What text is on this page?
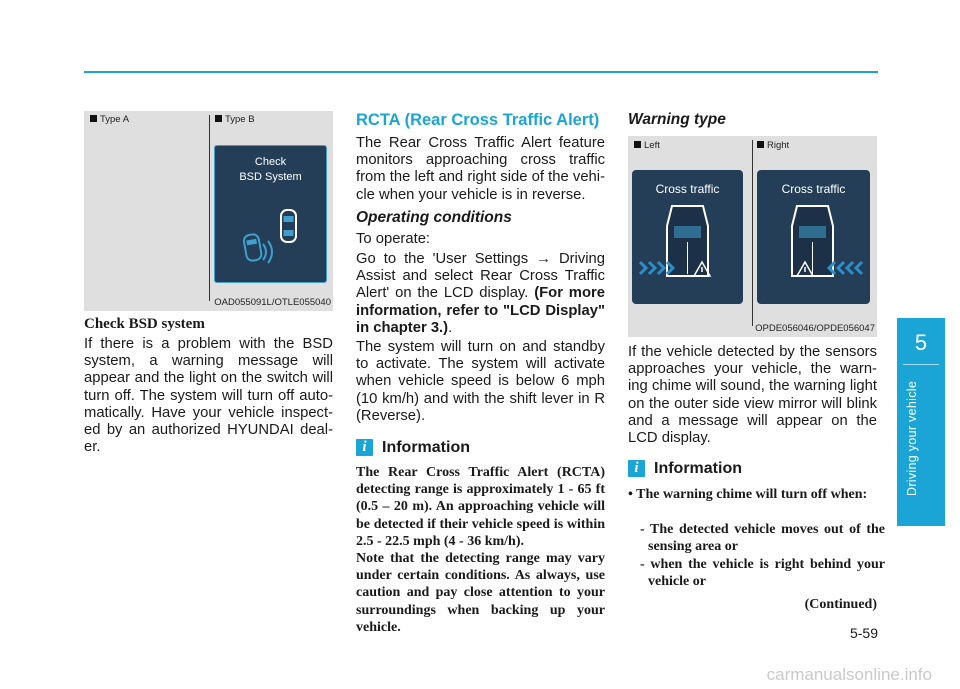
Type A	Type B
Check
BSD System
OAD055091L/OTLE055040
Check BSD system
If there is a problem with the BSD system, a warning message will appear and the light on the switch will turn off. The system will turn off auto-matically. Have your vehicle inspect-ed by an authorized HYUNDAI deal-er.
RCTA (Rear Cross Traffic Alert)
The Rear Cross Traffic Alert feature monitors approaching cross traffic from the left and right side of the vehi-cle when your vehicle is in reverse.
Operating conditions
To operate:
Go to the 'User Settings → Driving Assist and select Rear Cross Traffic Alert' on the LCD display. (For more information, refer to "LCD Display" in chapter 3.).
The system will turn on and standby to activate. The system will activate when vehicle speed is below 6 mph (10 km/h) and with the shift lever in R (Reverse).
i Information
The Rear Cross Traffic Alert (RCTA) detecting range is approximately 1 - 65 ft (0.5 – 20 m). An approaching vehicle will be detected if their vehicle speed is within 2.5 - 22.5 mph (4 - 36 km/h).
Note that the detecting range may vary under certain conditions. As always, use caution and pay close attention to your surroundings when backing up your vehicle.
Warning type
Left	Right
Cross traffic	Cross traffic
OPDE056046/OPDE056047
If the vehicle detected by the sensors approaches your vehicle, the warn-ing chime will sound, the warning light on the outer side view mirror will blink and a message will appear on the LCD display.
i Information
• The warning chime will turn off when:
- The detected vehicle moves out of the sensing area or
- when the vehicle is right behind your vehicle or
(Continued)
5
Driving your vehicle
5-59
carmanualsonline.info
